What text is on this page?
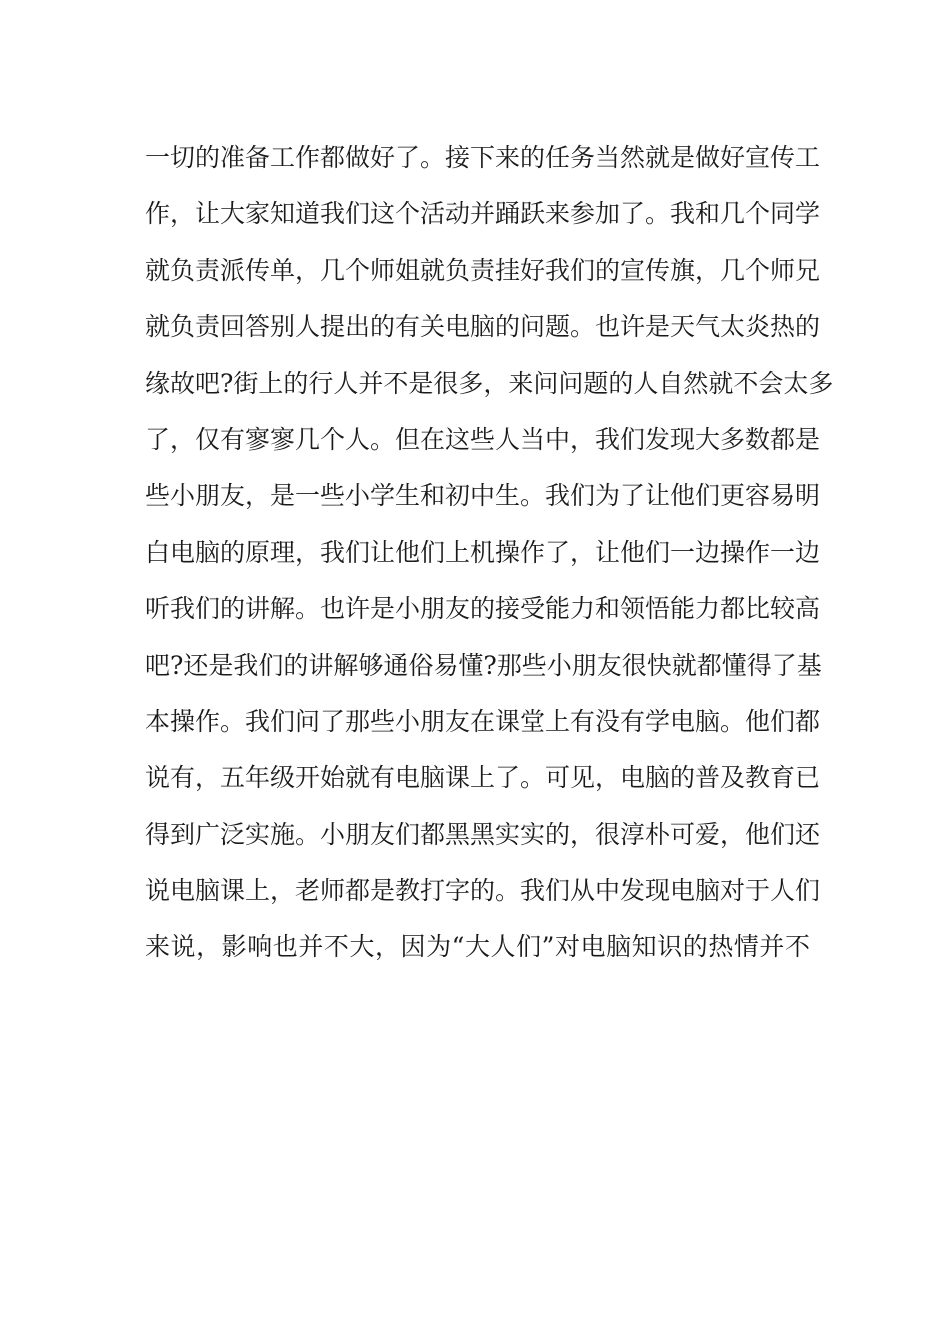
一切的准备工作都做好了。接下来的任务当然就是做好宣传工

作，让大家知道我们这个活动并踊跃来参加了。我和几个同学

就负责派传单，几个师姐就负责挂好我们的宣传旗，几个师兄

就负责回答别人提出的有关电脑的问题。也许是天气太炎热的

缘故吧?街上的行人并不是很多，来问问题的人自然就不会太多

了，仅有寥寥几个人。但在这些人当中，我们发现大多数都是

些小朋友，是一些小学生和初中生。我们为了让他们更容易明

白电脑的原理，我们让他们上机操作了，让他们一边操作一边

听我们的讲解。也许是小朋友的接受能力和领悟能力都比较高

吧?还是我们的讲解够通俗易懂?那些小朋友很快就都懂得了基

本操作。我们问了那些小朋友在课堂上有没有学电脑。他们都

说有，五年级开始就有电脑课上了。可见，电脑的普及教育已

得到广泛实施。小朋友们都黑黑实实的，很淳朴可爱，他们还

说电脑课上，老师都是教打字的。我们从中发现电脑对于人们

来说，影响也并不大，因为“大人们”对电脑知识的热情并不
